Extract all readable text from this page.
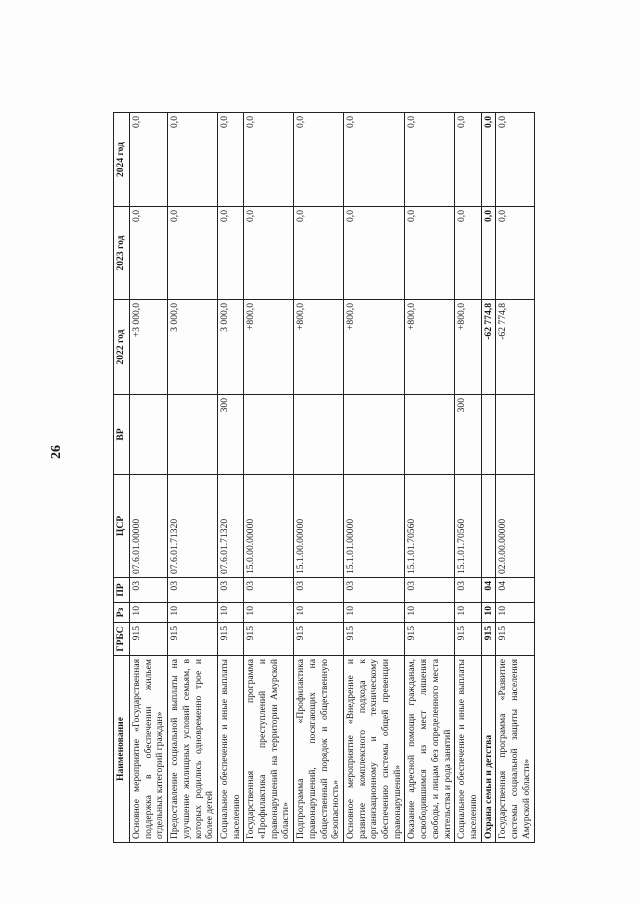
26
Наименование	ГРБС	Рз	ПР	ЦСР	ВР	2022 год	2023 год	2024 год
Основное мероприятие «Государственная поддержка в обеспечении жильем отдельных категорий граждан»	915	10	03	07.6.01.00000		+3 000,0	0,0	0,0
Предоставление социальной выплаты на улучшение жилищных условий семьям, в которых родились одновременно трое и более детей	915	10	03	07.6.01.71320		3 000,0	0,0	0,0
Социальное обеспечение и иные выплаты населению	915	10	03	07.6.01.71320	300	3 000,0	0,0	0,0
Государственная программа «Профилактика преступлений и правонарушений на территории Амурской области»	915	10	03	15.0.00.00000		+800,0	0,0	0,0
Подпрограмма «Профилактика правонарушений, посягающих на общественный порядок и общественную безопасность»	915	10	03	15.1.00.00000		+800,0	0,0	0,0
Основное мероприятие «Внедрение и развитие комплексного подхода к организационному и техническому обеспечению системы общей превенции правонарушений»	915	10	03	15.1.01.00000		+800,0	0,0	0,0
Оказание адресной помощи гражданам, освободившимся из мест лишения свободы, и лицам без определенного места жительства и рода занятий	915	10	03	15.1.01.70560		+800,0	0,0	0,0
Социальное обеспечение и иные выплаты населению	915	10	03	15.1.01.70560	300	+800,0	0,0	0,0
Охрана семьи и детства	915	10	04			-62 774,8	0,0	0,0
Государственная программа «Развитие системы социальной защиты населения Амурской области»	915	10	04	02.0.00.00000		-62 774,8	0,0	0,0
